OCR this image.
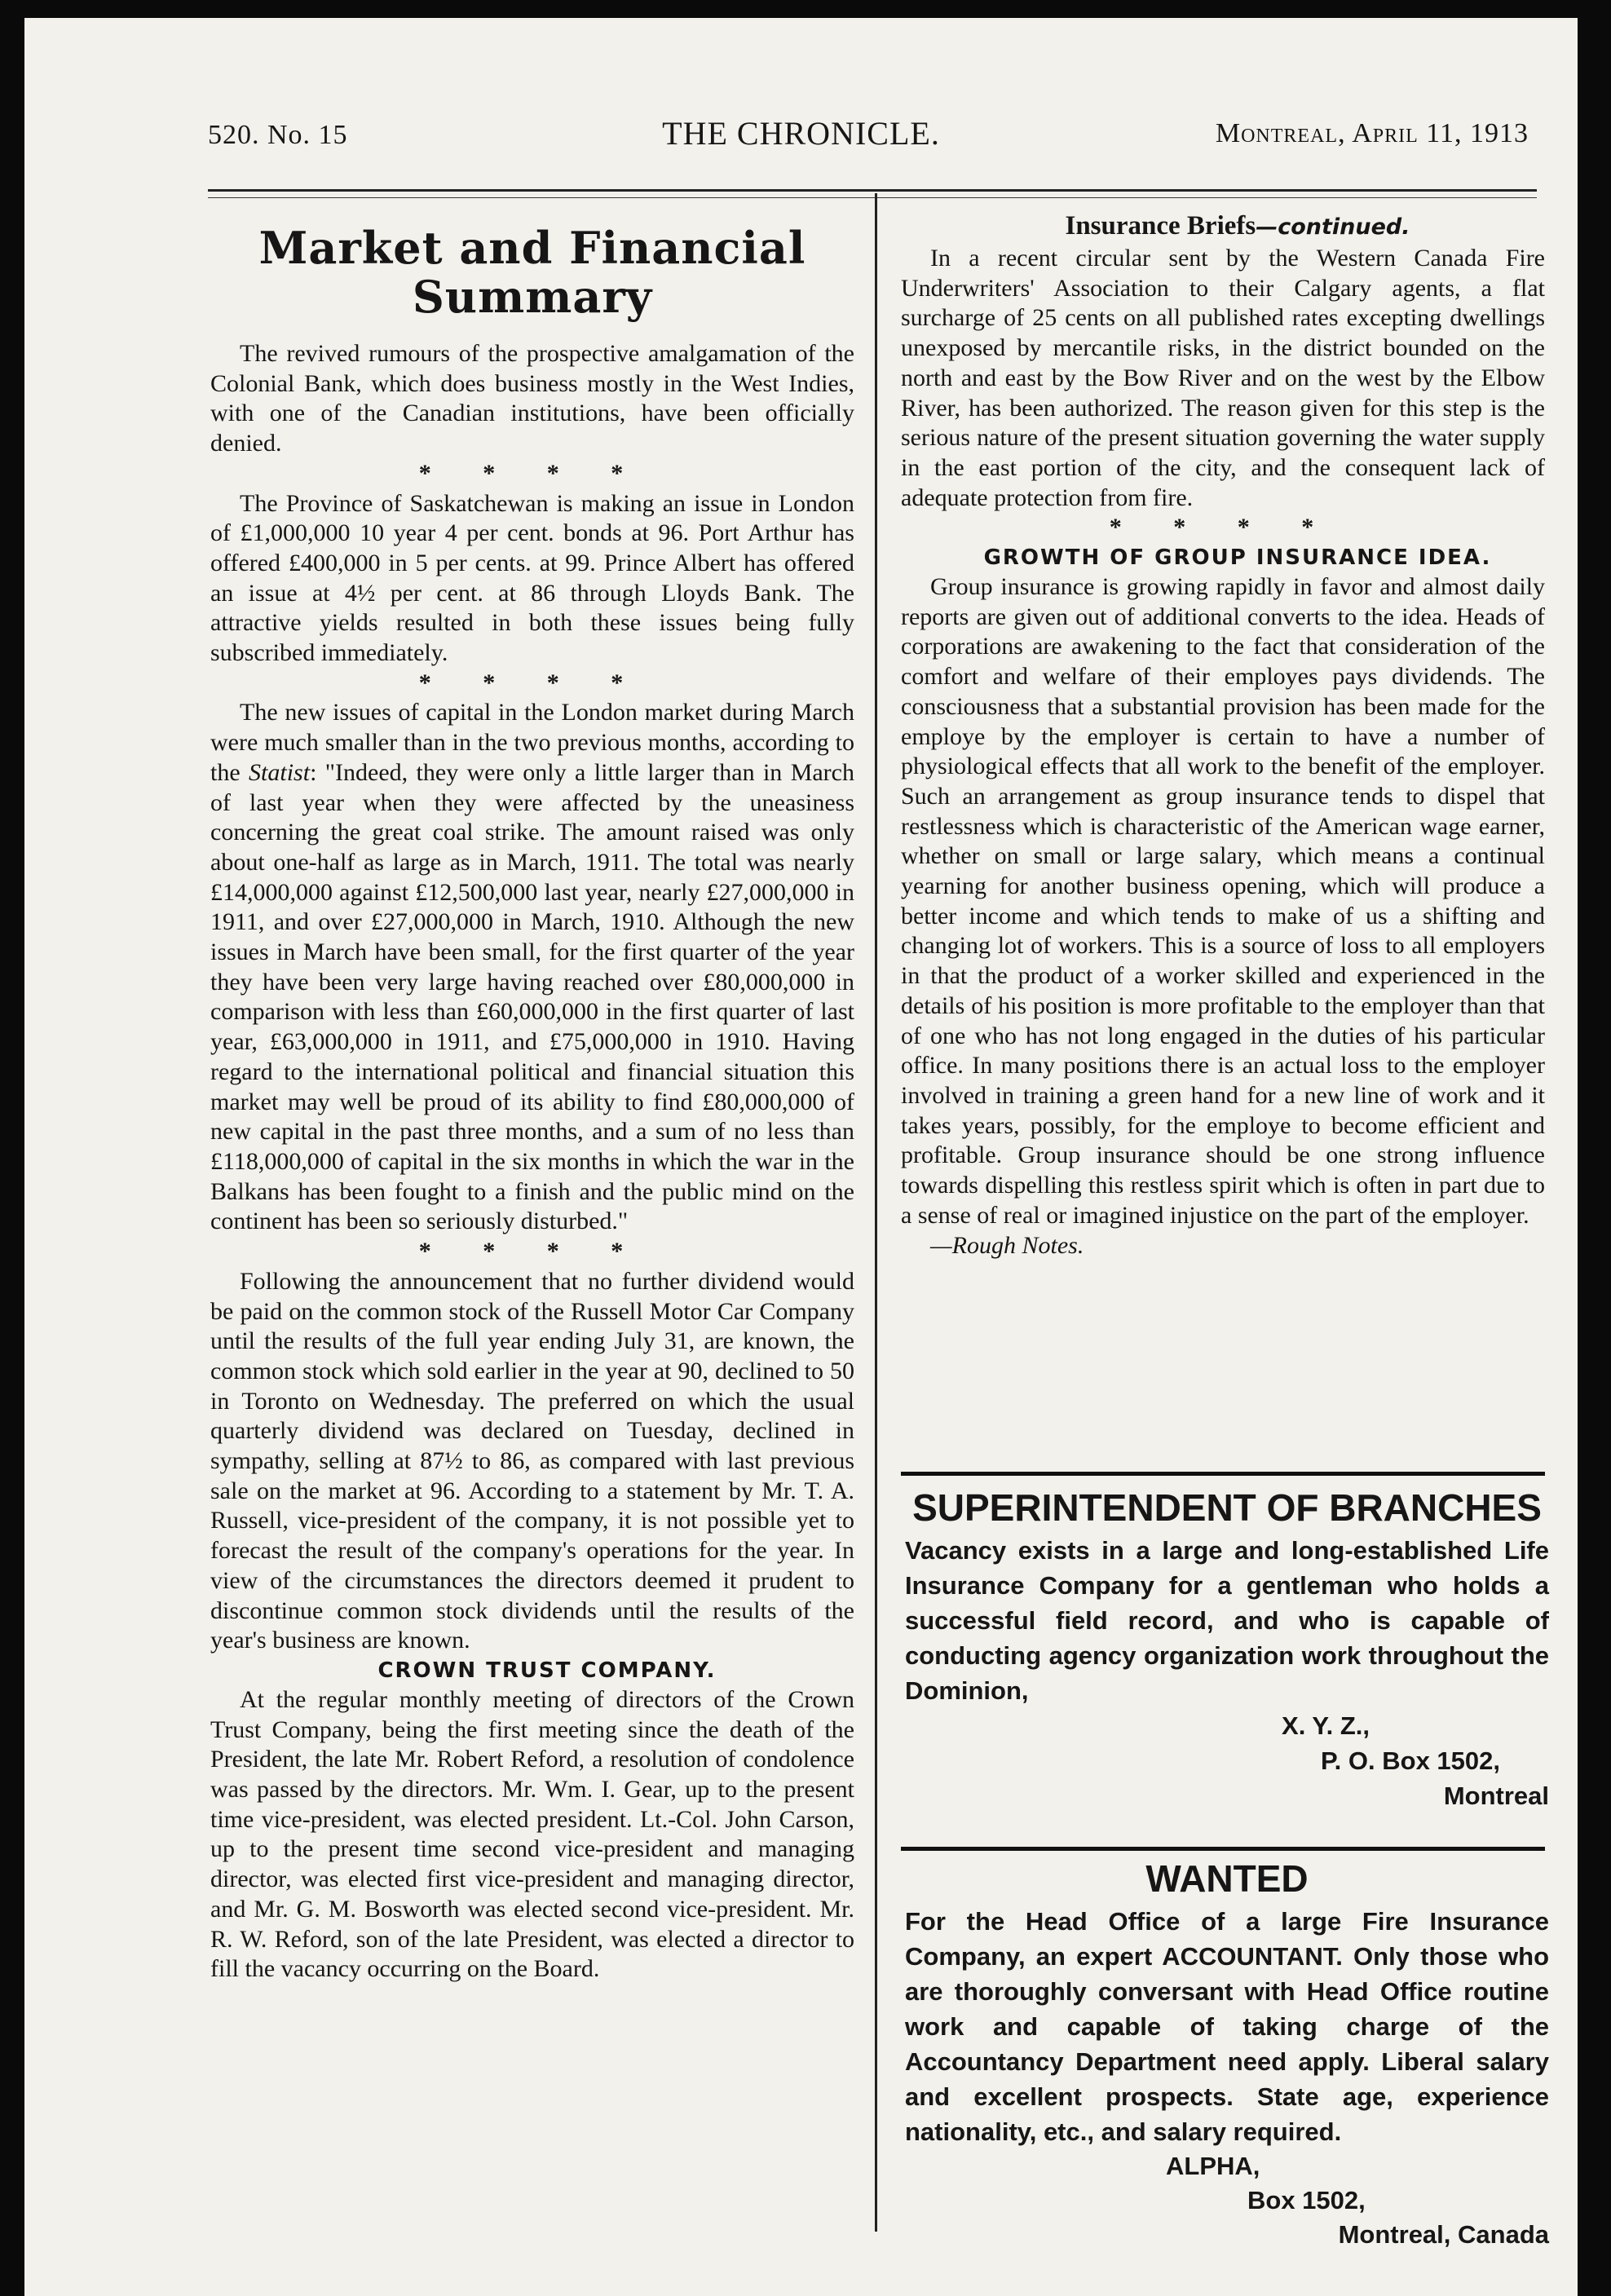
520. No. 15	THE CHRONICLE.	Montreal, April 11, 1913
Market and Financial Summary

The revived rumours of the prospective amalgamation of the Colonial Bank, which does business mostly in the West Indies, with one of the Canadian institutions, have been officially denied.

* * * *

The Province of Saskatchewan is making an issue in London of £1,000,000 10 year 4 per cent. bonds at 96. Port Arthur has offered £400,000 in 5 per cents. at 99. Prince Albert has offered an issue at 4½ per cent. at 86 through Lloyds Bank. The attractive yields resulted in both these issues being fully subscribed immediately.

* * * *

The new issues of capital in the London market during March were much smaller than in the two previous months, according to the Statist: "Indeed, they were only a little larger than in March of last year when they were affected by the uneasiness concerning the great coal strike. The amount raised was only about one-half as large as in March, 1911. The total was nearly £14,000,000 against £12,500,000 last year, nearly £27,000,000 in 1911, and over £27,000,000 in March, 1910. Although the new issues in March have been small, for the first quarter of the year they have been very large having reached over £80,000,000 in comparison with less than £60,000,000 in the first quarter of last year, £63,000,000 in 1911, and £75,000,000 in 1910. Having regard to the international political and financial situation this market may well be proud of its ability to find £80,000,000 of new capital in the past three months, and a sum of no less than £118,000,000 of capital in the six months in which the war in the Balkans has been fought to a finish and the public mind on the continent has been so seriously disturbed."

* * * *

Following the announcement that no further dividend would be paid on the common stock of the Russell Motor Car Company until the results of the full year ending July 31, are known, the common stock which sold earlier in the year at 90, declined to 50 in Toronto on Wednesday. The preferred on which the usual quarterly dividend was declared on Tuesday, declined in sympathy, selling at 87½ to 86, as compared with last previous sale on the market at 96. According to a statement by Mr. T. A. Russell, vice-president of the company, it is not possible yet to forecast the result of the company's operations for the year. In view of the circumstances the directors deemed it prudent to discontinue common stock dividends until the results of the year's business are known.

CROWN TRUST COMPANY.

At the regular monthly meeting of directors of the Crown Trust Company, being the first meeting since the death of the President, the late Mr. Robert Reford, a resolution of condolence was passed by the directors. Mr. Wm. I. Gear, up to the present time vice-president, was elected president. Lt.-Col. John Carson, up to the present time second vice-president and managing director, was elected first vice-president and managing director, and Mr. G. M. Bosworth was elected second vice-president. Mr. R. W. Reford, son of the late President, was elected a director to fill the vacancy occurring on the Board.

Insurance Briefs—continued.

In a recent circular sent by the Western Canada Fire Underwriters' Association to their Calgary agents, a flat surcharge of 25 cents on all published rates excepting dwellings unexposed by mercantile risks, in the district bounded on the north and east by the Bow River and on the west by the Elbow River, has been authorized. The reason given for this step is the serious nature of the present situation governing the water supply in the east portion of the city, and the consequent lack of adequate protection from fire.

* * * *

GROWTH OF GROUP INSURANCE IDEA.

Group insurance is growing rapidly in favor and almost daily reports are given out of additional converts to the idea. Heads of corporations are awakening to the fact that consideration of the comfort and welfare of their employes pays dividends. The consciousness that a substantial provision has been made for the employe by the employer is certain to have a number of physiological effects that all work to the benefit of the employer. Such an arrangement as group insurance tends to dispel that restlessness which is characteristic of the American wage earner, whether on small or large salary, which means a continual yearning for another business opening, which will produce a better income and which tends to make of us a shifting and changing lot of workers. This is a source of loss to all employers in that the product of a worker skilled and experienced in the details of his position is more profitable to the employer than that of one who has not long engaged in the duties of his particular office. In many positions there is an actual loss to the employer involved in training a green hand for a new line of work and it takes years, possibly, for the employe to become efficient and profitable. Group insurance should be one strong influence towards dispelling this restless spirit which is often in part due to a sense of real or imagined injustice on the part of the employer.

—Rough Notes.

SUPERINTENDENT OF BRANCHES

Vacancy exists in a large and long-established Life Insurance Company for a gentleman who holds a successful field record, and who is capable of conducting agency organization work throughout the Dominion,

X. Y. Z.,

P. O. Box 1502,

Montreal

WANTED

For the Head Office of a large Fire Insurance Company, an expert ACCOUNTANT. Only those who are thoroughly conversant with Head Office routine work and capable of taking charge of the Accountancy Department need apply. Liberal salary and excellent prospects. State age, experience nationality, etc., and salary required.

ALPHA,

Box 1502,

Montreal, Canada
